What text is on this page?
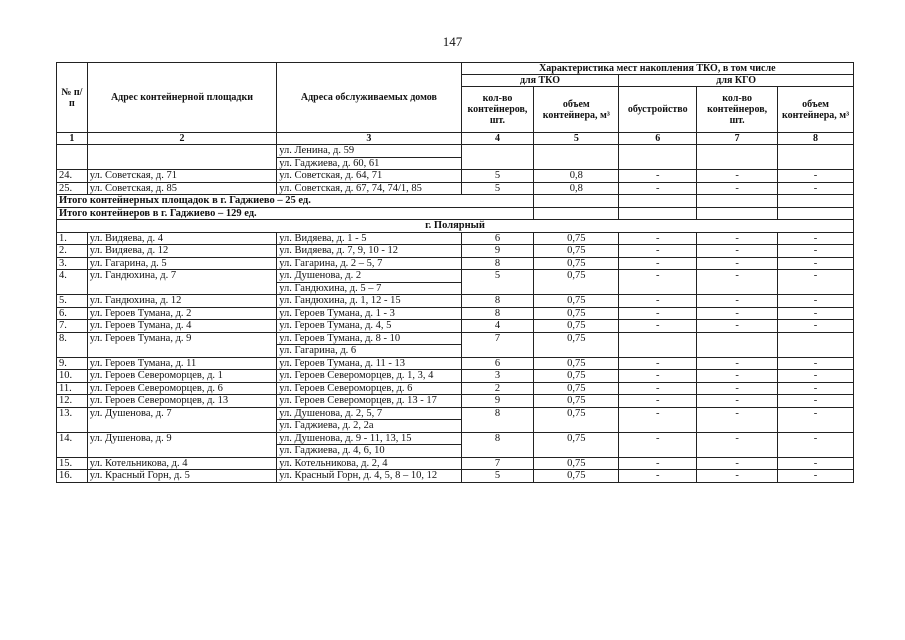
147
№ п/п	Адрес контейнерной площадки	Адреса обслуживаемых домов	Характеристика мест накопления ТКО, в том числе				
			для ТКО		для КГО		
			кол-во контейнеров, шт.	объем контейнера, м³	обустройство	кол-во контейнеров, шт.	объем контейнера, м³
1	2	3	4	5	6	7	8
		ул. Ленина, д. 59					
		ул. Гаджиева, д. 60, 61					
24.	ул. Советская, д. 71	ул. Советская, д. 64, 71	5	0,8	-	-	-
25.	ул. Советская, д. 85	ул. Советская, д. 67, 74, 74/1, 85	5	0,8	-	-	-
Итого контейнерных площадок в г. Гаджиево – 25 ед.							
Итого контейнеров в г. Гаджиево – 129 ед.							
г. Полярный							
1.	ул. Видяева, д. 4	ул. Видяева, д. 1 - 5	6	0,75	-	-	-
2.	ул. Видяева, д. 12	ул. Видяева, д. 7, 9, 10 - 12	9	0,75	-	-	-
3.	ул. Гагарина, д. 5	ул. Гагарина, д. 2 – 5, 7	8	0,75	-	-	-
4.	ул. Гандюхина, д. 7	ул. Душенова, д. 2	5	0,75	-	-	-
		ул. Гандюхина, д. 5 – 7					
5.	ул. Гандюхина, д. 12	ул. Гандюхина, д. 1, 12 - 15	8	0,75	-	-	-
6.	ул. Героев Тумана, д. 2	ул. Героев Тумана, д. 1 - 3	8	0,75	-	-	-
7.	ул. Героев Тумана, д. 4	ул. Героев Тумана, д. 4, 5	4	0,75	-	-	-
8.	ул. Героев Тумана, д. 9	ул. Героев Тумана, д. 8 - 10	7	0,75			
		ул. Гагарина, д. 6					
9.	ул. Героев Тумана, д. 11	ул. Героев Тумана, д. 11 - 13	6	0,75	-	-	-
10.	ул. Героев Североморцев, д. 1	ул. Героев Североморцев, д. 1, 3, 4	3	0,75	-	-	-
11.	ул. Героев Североморцев, д. 6	ул. Героев Североморцев, д. 6	2	0,75	-	-	-
12.	ул. Героев Североморцев, д. 13	ул. Героев Североморцев, д. 13 - 17	9	0,75	-	-	-
13.	ул. Душенова, д. 7	ул. Душенова, д. 2, 5, 7	8	0,75	-	-	-
		ул. Гаджиева, д. 2, 2а					
14.	ул. Душенова, д. 9	ул. Душенова, д. 9 - 11, 13, 15	8	0,75	-	-	-
		ул. Гаджиева, д. 4, 6, 10					
15.	ул. Котельникова, д. 4	ул. Котельникова, д. 2, 4	7	0,75	-	-	-
16.	ул. Красный Горн, д. 5	ул. Красный Горн, д. 4, 5, 8 – 10, 12	5	0,75	-	-	-
